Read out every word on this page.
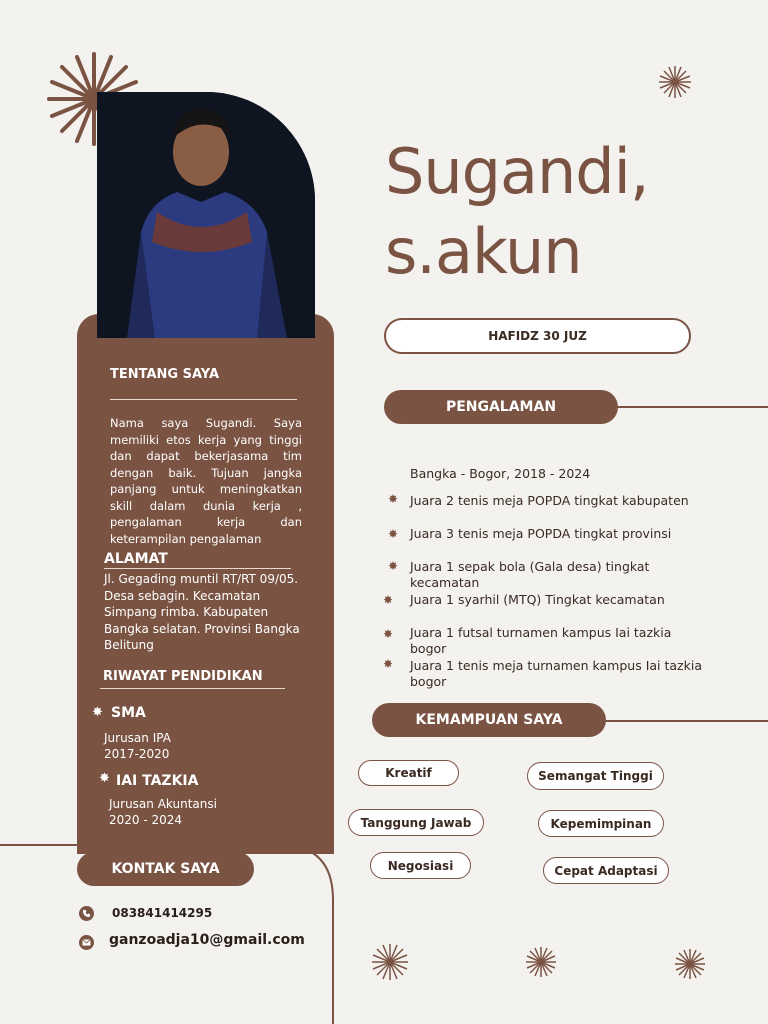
Sugandi,
s.akun
HAFIDZ 30 JUZ
TENTANG SAYA
Nama saya Sugandi. Saya memiliki etos kerja yang tinggi dan dapat bekerjasama tim dengan baik. Tujuan jangka panjang untuk meningkatkan skill dalam dunia kerja , pengalaman kerja dan keterampilan pengalaman
ALAMAT
Jl. Gegading muntil RT/RT 09/05. Desa sebagin. Kecamatan Simpang rimba. Kabupaten Bangka selatan. Provinsi Bangka Belitung
RIWAYAT PENDIDIKAN
✸ SMA
Jurusan IPA
2017-2020
✸ IAI TAZKIA
Jurusan Akuntansi
2020 - 2024
KONTAK SAYA
083841414295
ganzoadja10@gmail.com
PENGALAMAN
Bangka - Bogor, 2018 - 2024
✸ Juara 2 tenis meja POPDA tingkat kabupaten
✸ Juara 3 tenis meja POPDA tingkat provinsi
✸ Juara 1 sepak bola (Gala desa) tingkat
kecamatan
✸ Juara 1 syarhil (MTQ) Tingkat kecamatan
✸ Juara 1 futsal turnamen kampus Iai tazkia
bogor
✸ Juara 1 tenis meja turnamen kampus Iai tazkia
bogor
KEMAMPUAN SAYA
Kreatif	Semangat Tinggi
Tanggung Jawab	Kepemimpinan
Negosiasi	Cepat Adaptasi
